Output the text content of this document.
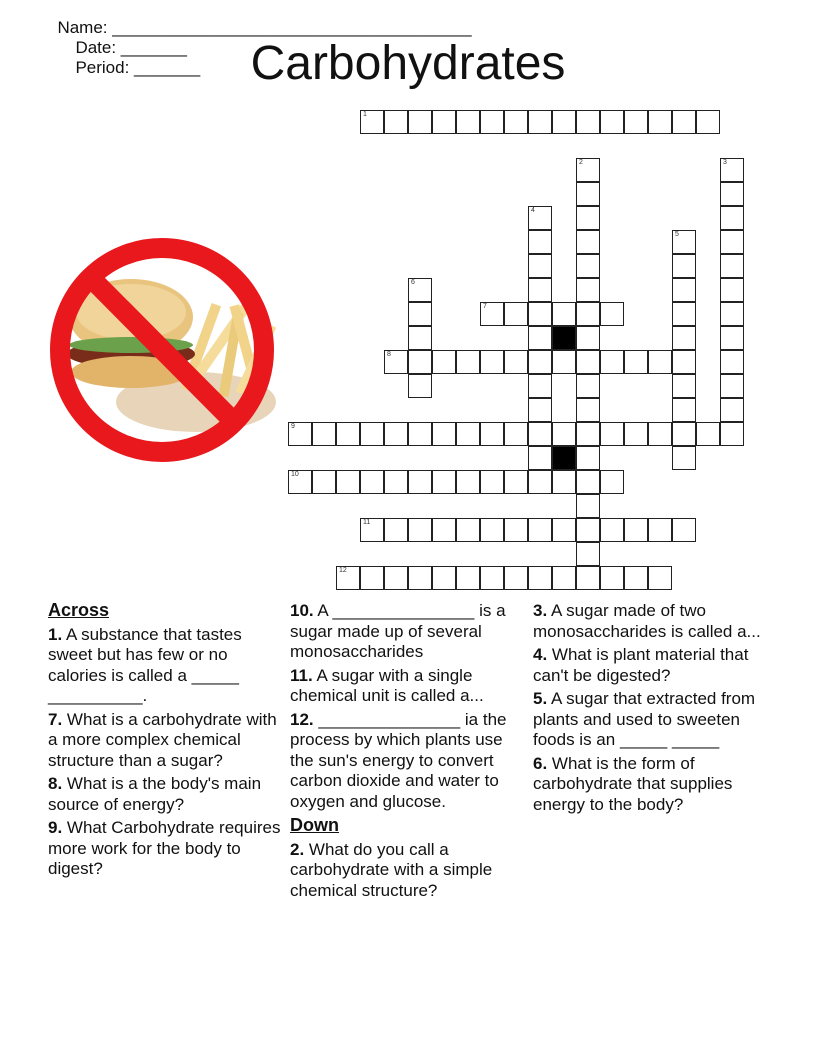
Name: ______________________________________
Date: _______
Period: _______	Carbohydrates
1
7
8
9
10
11
12
2	3
4
5
6
Across
1. A substance that tastes sweet but has few or no calories is called a _____ __________.
7. What is a carbohydrate with a more complex chemical structure than a sugar?
8. What is a the body's main source of energy?
9. What Carbohydrate requires more work for the body to digest?
10. A _______________ is a sugar made up of several monosaccharides
11. A sugar with a single chemical unit is called a...
12. _______________ ia the process by which plants use the sun's energy to convert carbon dioxide and water to oxygen and glucose.
Down
2. What do you call a carbohydrate with a simple chemical structure?
3. A sugar made of two monosaccharides is called a...
4. What is plant material that can't be digested?
5. A sugar that extracted from plants and used to sweeten foods is an _____ _____
6. What is the form of carbohydrate that supplies energy to the body?
